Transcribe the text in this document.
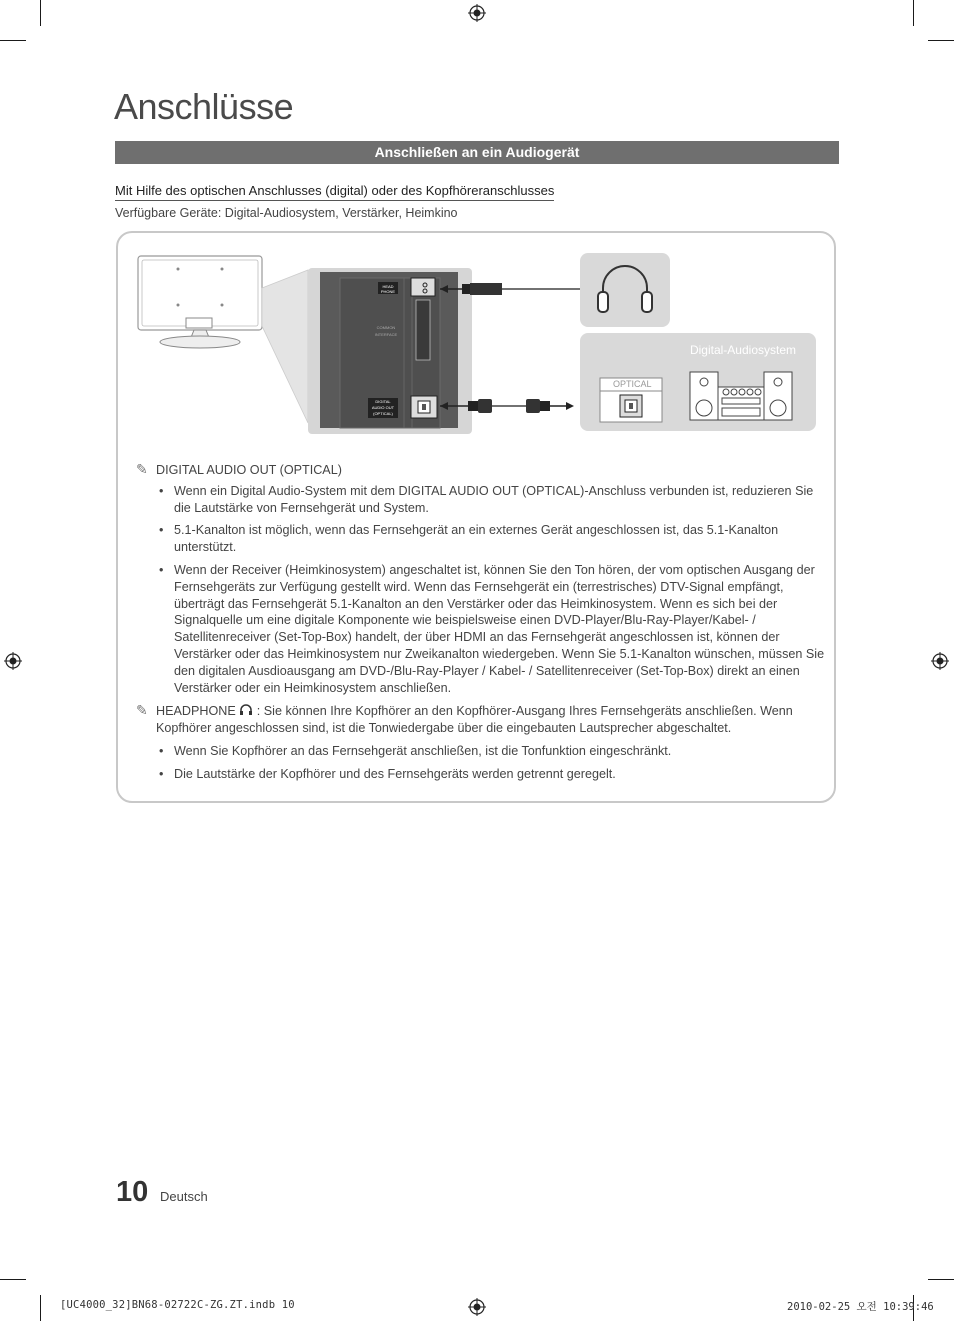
Anschlüsse
Anschließen an ein Audiogerät
Mit Hilfe des optischen Anschlusses (digital) oder des Kopfhöreranschlusses
Verfügbare Geräte: Digital-Audiosystem, Verstärker, Heimkino
HEAD
PHONE
COMMON
INTERFACE
DIGITAL
AUDIO OUT
(OPTICAL)
Digital-Audiosystem
OPTICAL
✎ DIGITAL AUDIO OUT (OPTICAL)
• Wenn ein Digital Audio-System mit dem DIGITAL AUDIO OUT (OPTICAL)-Anschluss verbunden ist, reduzieren Sie die Lautstärke von Fernsehgerät und System.
• 5.1-Kanalton ist möglich, wenn das Fernsehgerät an ein externes Gerät angeschlossen ist, das 5.1-Kanalton unterstützt.
• Wenn der Receiver (Heimkinosystem) angeschaltet ist, können Sie den Ton hören, der vom optischen Ausgang der Fernsehgeräts zur Verfügung gestellt wird. Wenn das Fernsehgerät ein (terrestrisches) DTV-Signal empfängt, überträgt das Fernsehgerät 5.1-Kanalton an den Verstärker oder das Heimkinosystem. Wenn es sich bei der Signalquelle um eine digitale Komponente wie beispielsweise einen DVD-Player/Blu-Ray-Player/Kabel- / Satellitenreceiver (Set-Top-Box) handelt, der über HDMI an das Fernsehgerät angeschlossen ist, können der Verstärker oder das Heimkinosystem nur Zweikanalton wiedergeben. Wenn Sie 5.1-Kanalton wünschen, müssen Sie den digitalen Ausdioausgang am DVD-/Blu-Ray-Player / Kabel- / Satellitenreceiver (Set-Top-Box) direkt an einen Verstärker oder ein Heimkinosystem anschließen.
✎ HEADPHONE : Sie können Ihre Kopfhörer an den Kopfhörer-Ausgang Ihres Fernsehgeräts anschließen. Wenn Kopfhörer angeschlossen sind, ist die Tonwiedergabe über die eingebauten Lautsprecher abgeschaltet.
• Wenn Sie Kopfhörer an das Fernsehgerät anschließen, ist die Tonfunktion eingeschränkt.
• Die Lautstärke der Kopfhörer und des Fernsehgeräts werden getrennt geregelt.
10 Deutsch
[UC4000_32]BN68-02722C-ZG.ZT.indb 10	2010-02-25 오전 10:39:46
